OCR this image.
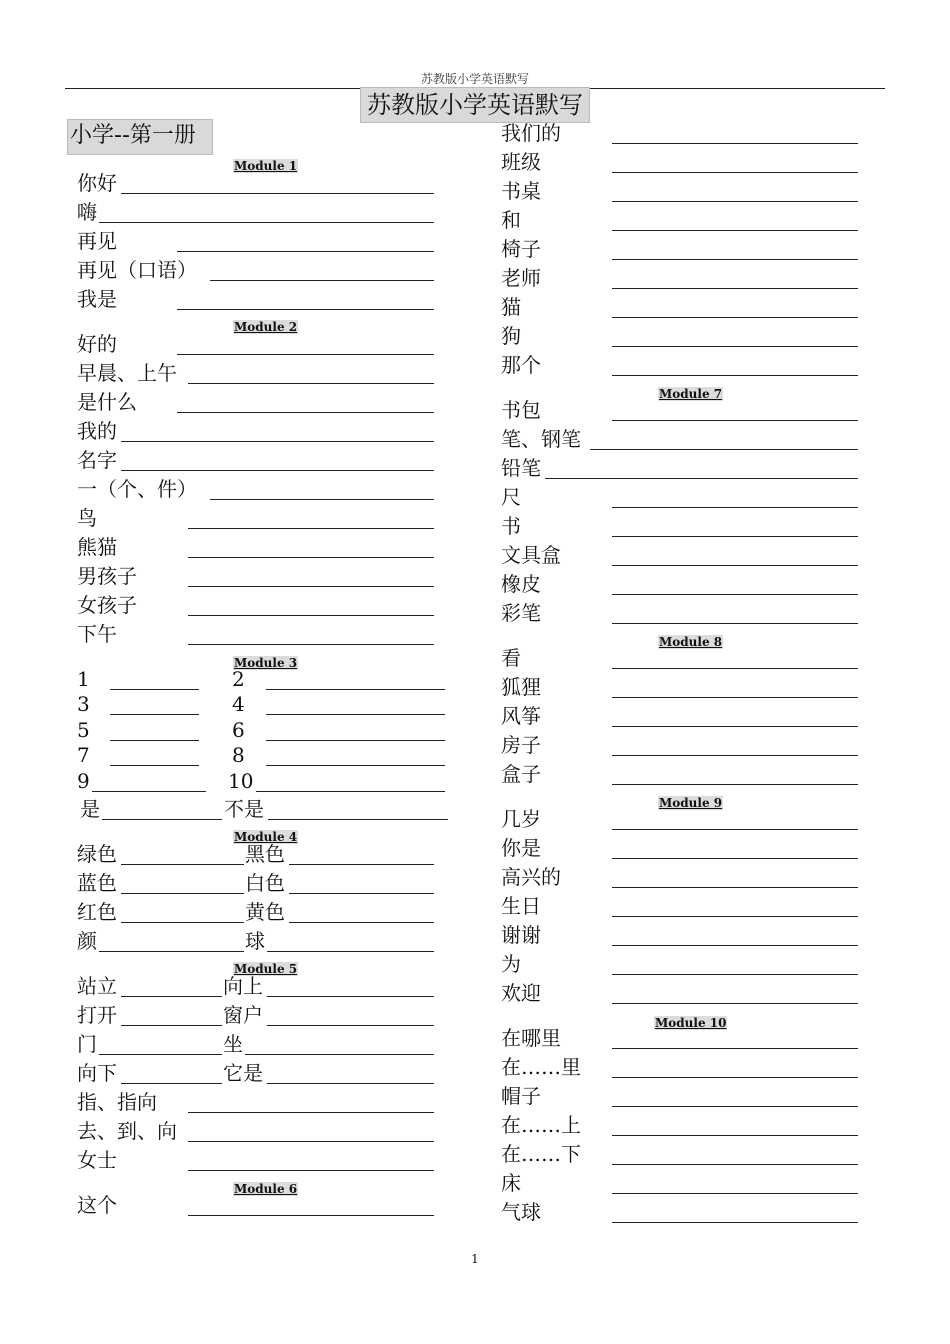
苏教版小学英语默写
苏教版小学英语默写
小学--第一册
Module 1
Module 2
Module 3
Module 4
Module 5
Module 6
Module 7
Module 8
Module 9
Module 10
你好
嗨
再见
再见（口语）
我是
好的
早晨、上午
是什么
我的
名字
一（个、件）
鸟
熊猫
男孩子
女孩子
下午
1	2
3	4
5	6
7	8
9	10
是	不是
绿色	黑色
蓝色	白色
红色	黄色
颜	球
站立	向上
打开	窗户
门	坐
向下	它是
指、指向
去、到、向
女士
这个
我们的
班级
书桌
和
椅子
老师
猫
狗
那个
书包
笔、钢笔
铅笔
尺
书
文具盒
橡皮
彩笔
看
狐狸
风筝
房子
盒子
几岁
你是
高兴的
生日
谢谢
为
欢迎
在哪里
在……里
帽子
在……上
在……下
床
气球
1
